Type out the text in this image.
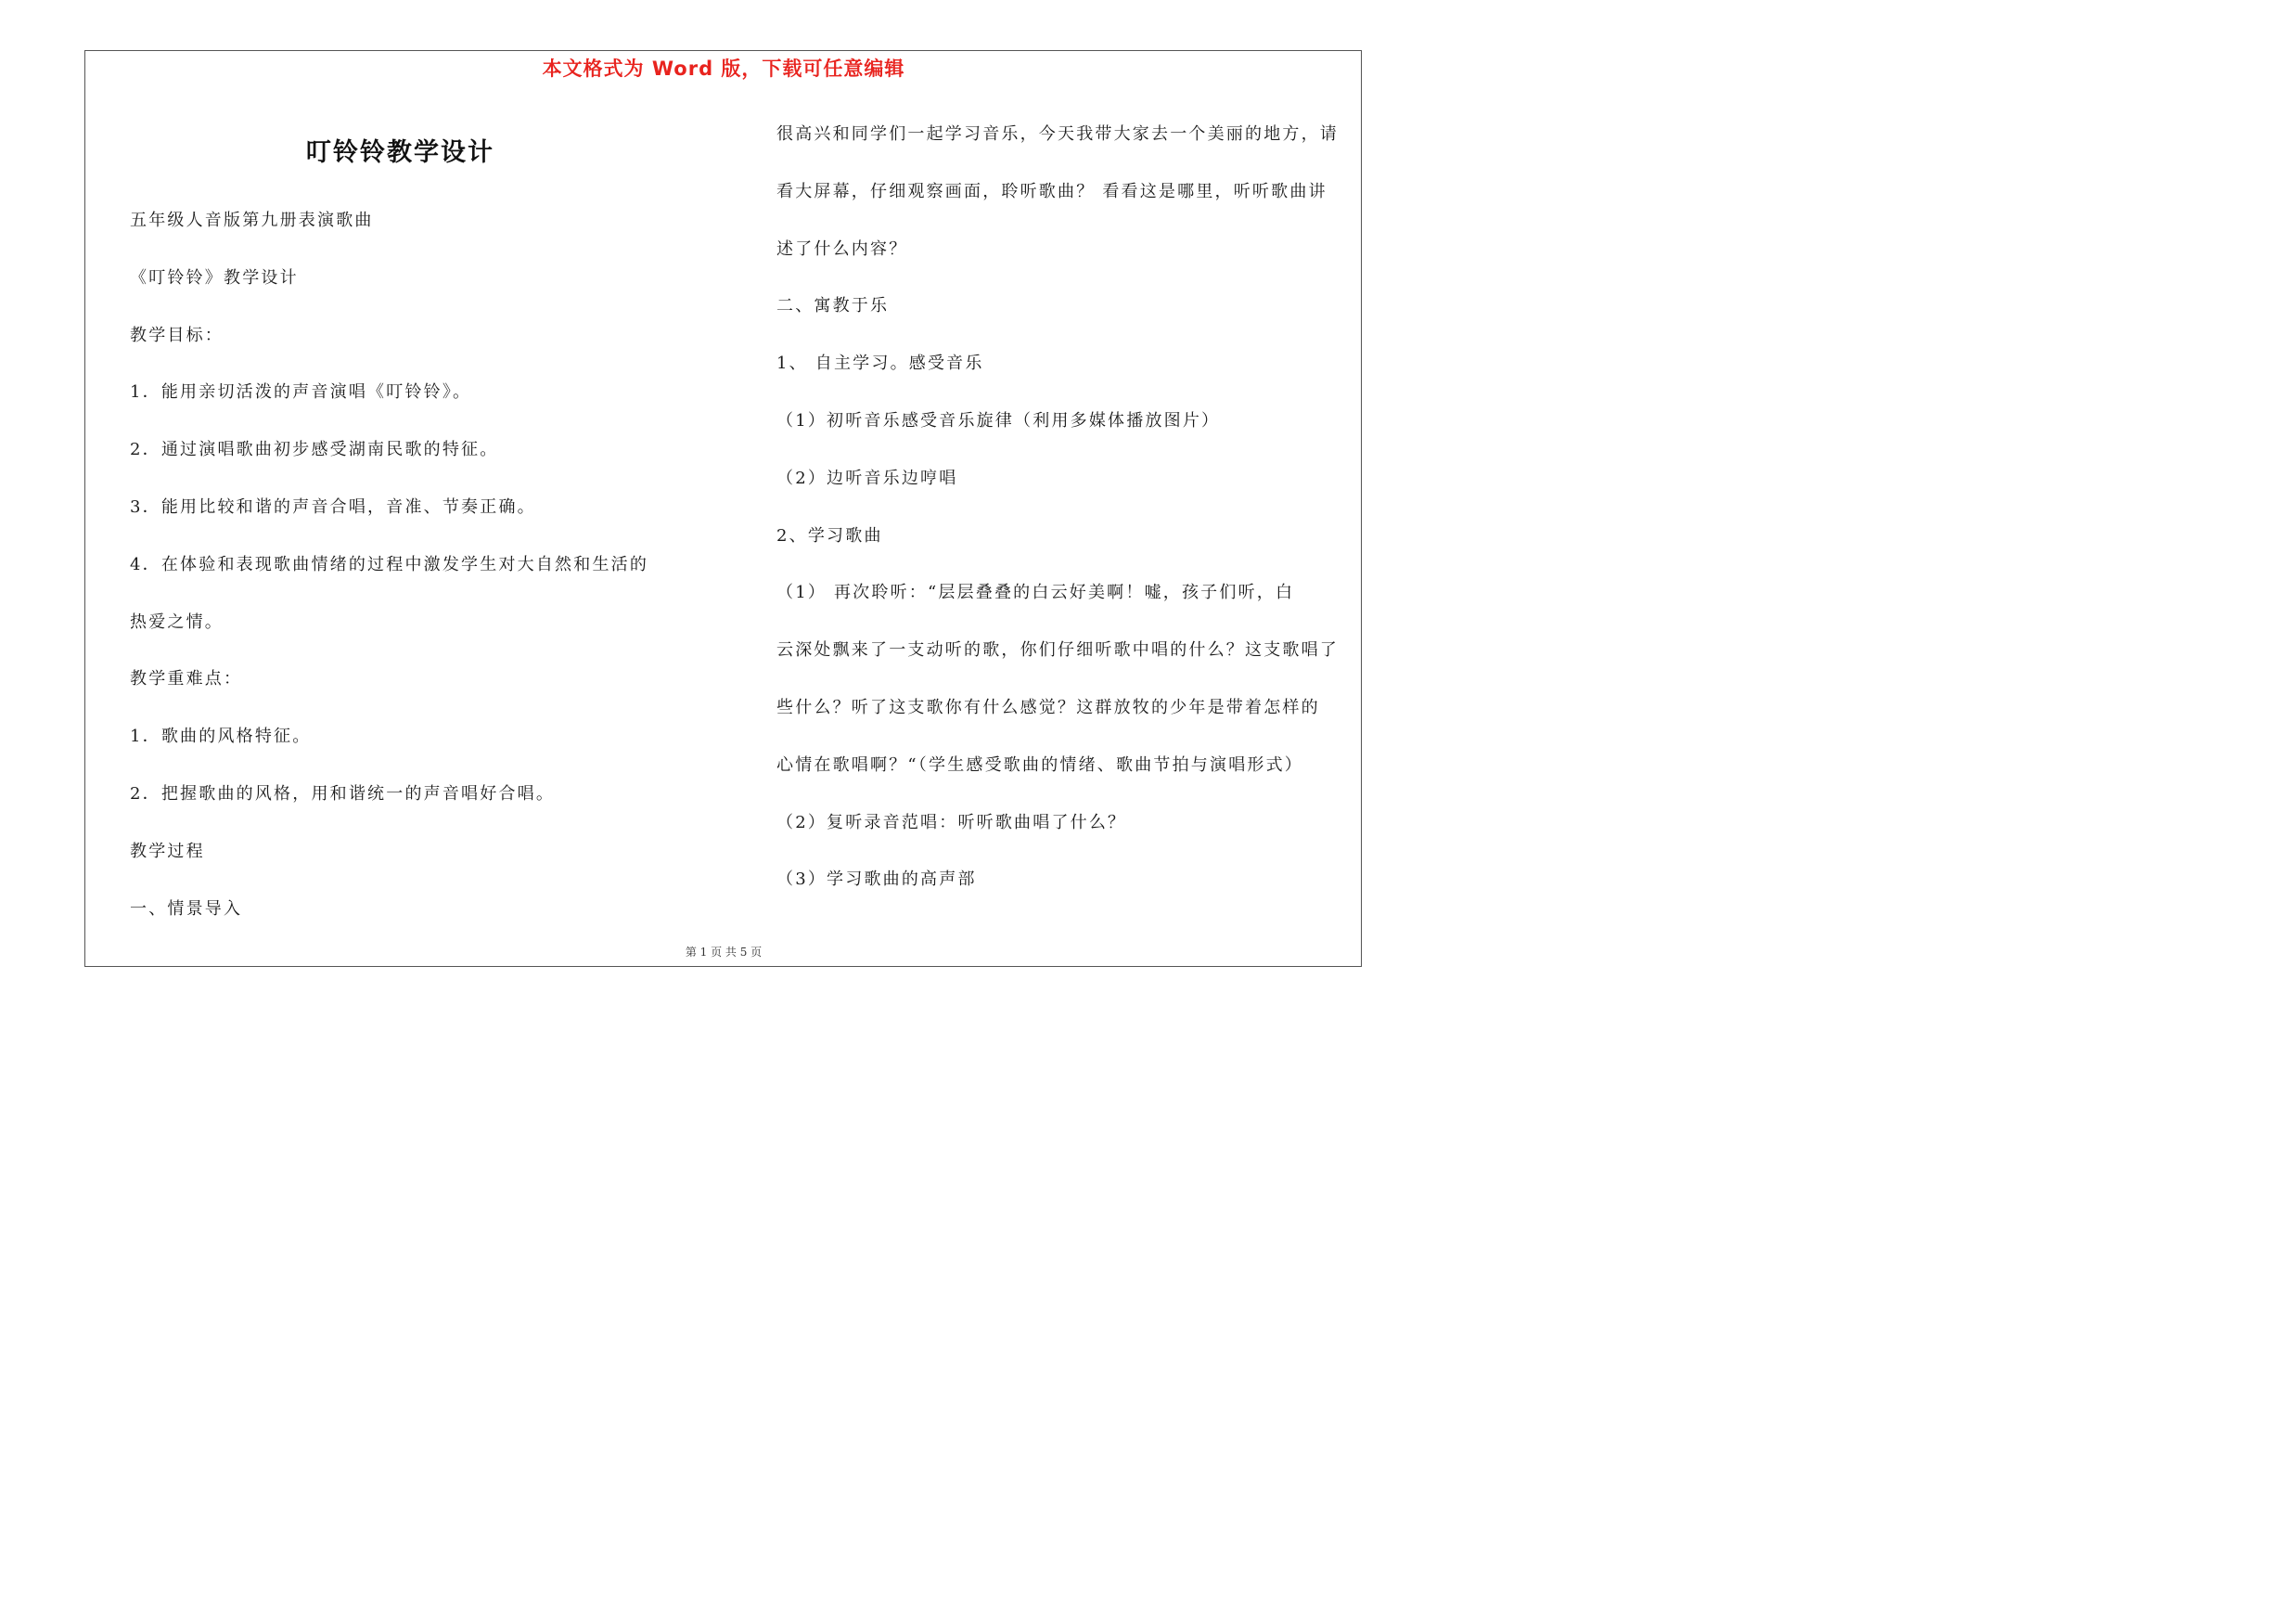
本文格式为 Word 版，下载可任意编辑
叮铃铃教学设计
五年级人音版第九册表演歌曲
《叮铃铃》教学设计
教学目标：
1．能用亲切活泼的声音演唱《叮铃铃》。
2．通过演唱歌曲初步感受湖南民歌的特征。
3．能用比较和谐的声音合唱，音准、节奏正确。
4．在体验和表现歌曲情绪的过程中激发学生对大自然和生活的
热爱之情。
教学重难点：
1．歌曲的风格特征。
2．把握歌曲的风格，用和谐统一的声音唱好合唱。
教学过程
一、情景导入
很高兴和同学们一起学习音乐，今天我带大家去一个美丽的地方，请
看大屏幕，仔细观察画面，聆听歌曲？ 看看这是哪里，听听歌曲讲
述了什么内容？
二、寓教于乐
1、 自主学习。感受音乐
（1）初听音乐感受音乐旋律（利用多媒体播放图片）
（2）边听音乐边哼唱
2、学习歌曲
（1） 再次聆听：“层层叠叠的白云好美啊！嘘，孩子们听，白
云深处飘来了一支动听的歌，你们仔细听歌中唱的什么？这支歌唱了
些什么？听了这支歌你有什么感觉？这群放牧的少年是带着怎样的
心情在歌唱啊？“（学生感受歌曲的情绪、歌曲节拍与演唱形式）
（2）复听录音范唱：听听歌曲唱了什么？
（3）学习歌曲的高声部
第 1 页 共 5 页
